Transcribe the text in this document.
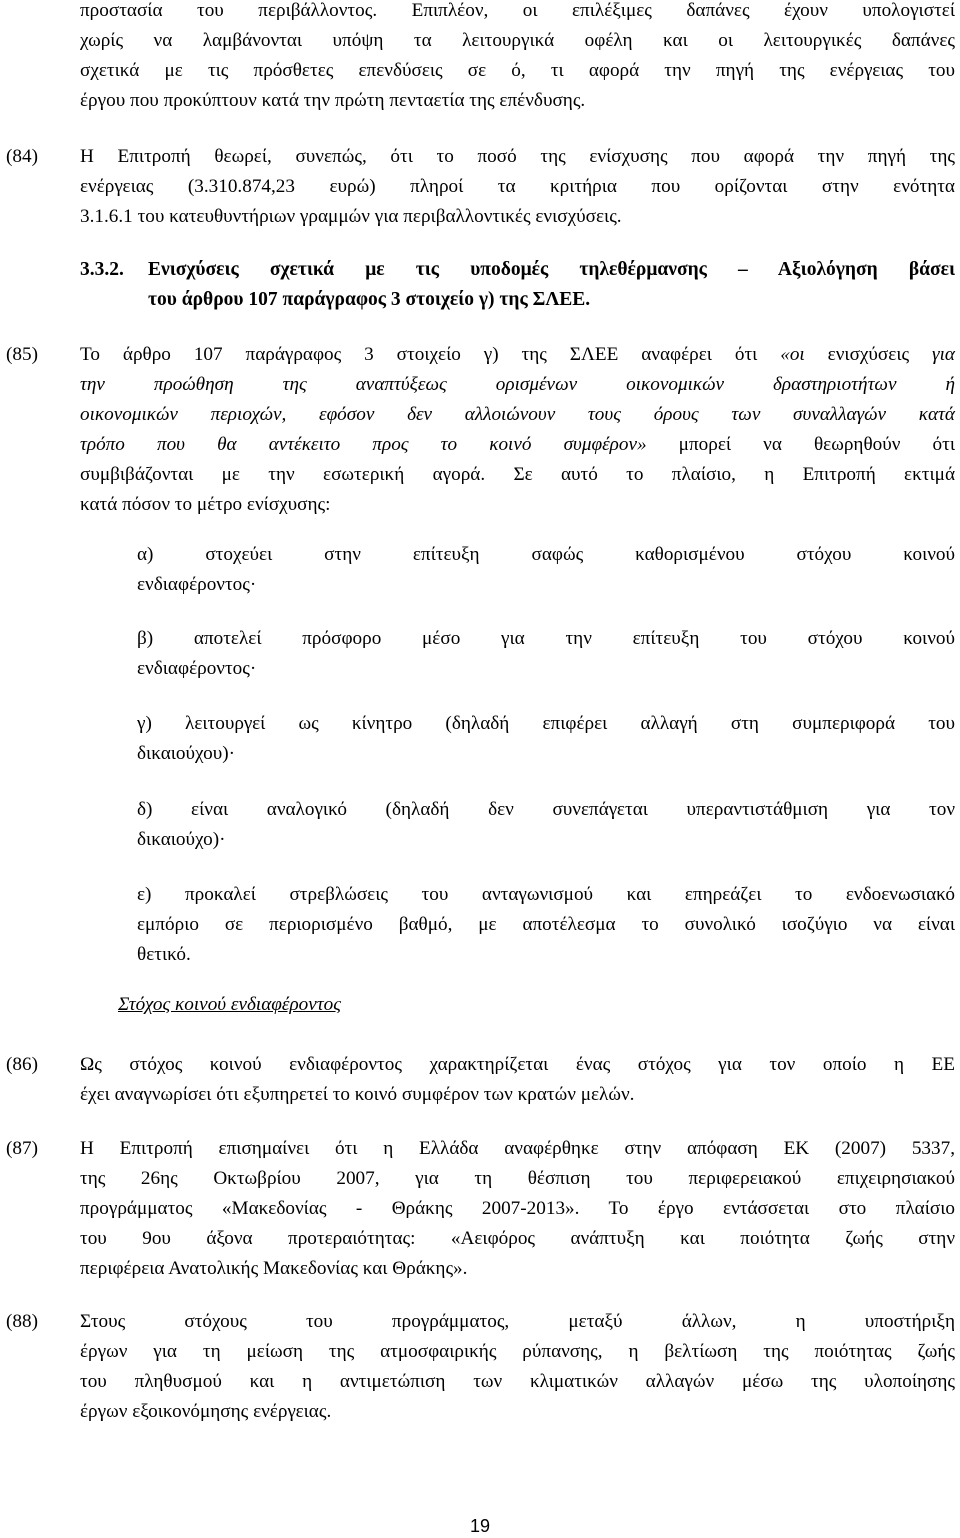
προστασία του περιβάλλοντος. Επιπλέον, οι επιλέξιμες δαπάνες έχουν υπολογιστεί
χωρίς να λαμβάνονται υπόψη τα λειτουργικά οφέλη και οι λειτουργικές δαπάνες
σχετικά με τις πρόσθετες επενδύσεις σε ό, τι αφορά την πηγή της ενέργειας του
έργου που προκύπτουν κατά την πρώτη πενταετία της επένδυσης.
(84) Η Επιτροπή θεωρεί, συνεπώς, ότι το ποσό της ενίσχυσης που αφορά την πηγή της
ενέργειας (3.310.874,23 ευρώ) πληροί τα κριτήρια που ορίζονται στην ενότητα
3.1.6.1 του κατευθυντήριων γραμμών για περιβαλλοντικές ενισχύσεις.
3.3.2. Ενισχύσεις σχετικά με τις υποδομές τηλεθέρμανσης – Αξιολόγηση βάσει
του άρθρου 107 παράγραφος 3 στοιχείο γ) της ΣΛΕΕ.
(85) Το άρθρο 107 παράγραφος 3 στοιχείο γ) της ΣΛΕΕ αναφέρει ότι «οι ενισχύσεις για
την προώθηση της αναπτύξεως ορισμένων οικονομικών δραστηριοτήτων ή
οικονομικών περιοχών, εφόσον δεν αλλοιώνουν τους όρους των συναλλαγών κατά
τρόπο που θα αντέκειτο προς το κοινό συμφέρον» μπορεί να θεωρηθούν ότι
συμβιβάζονται με την εσωτερική αγορά. Σε αυτό το πλαίσιο, η Επιτροπή εκτιμά
κατά πόσον το μέτρο ενίσχυσης:
α) στοχεύει στην επίτευξη σαφώς καθορισμένου στόχου κοινού
ενδιαφέροντος·
β) αποτελεί πρόσφορο μέσο για την επίτευξη του στόχου κοινού
ενδιαφέροντος·
γ) λειτουργεί ως κίνητρο (δηλαδή επιφέρει αλλαγή στη συμπεριφορά του
δικαιούχου)·
δ) είναι αναλογικό (δηλαδή δεν συνεπάγεται υπεραντιστάθμιση για τον
δικαιούχο)·
ε) προκαλεί στρεβλώσεις του ανταγωνισμού και επηρεάζει το ενδοενωσιακό
εμπόριο σε περιορισμένο βαθμό, με αποτέλεσμα το συνολικό ισοζύγιο να είναι
θετικό.
Στόχος κοινού ενδιαφέροντος
(86) Ως στόχος κοινού ενδιαφέροντος χαρακτηρίζεται ένας στόχος για τον οποίο η ΕΕ
έχει αναγνωρίσει ότι εξυπηρετεί το κοινό συμφέρον των κρατών μελών.
(87) Η Επιτροπή επισημαίνει ότι η Ελλάδα αναφέρθηκε στην απόφαση ΕΚ (2007) 5337,
της 26ης Οκτωβρίου 2007, για τη θέσπιση του περιφερειακού επιχειρησιακού
προγράμματος «Μακεδονίας - Θράκης 2007-2013». Το έργο εντάσσεται στο πλαίσιο
του 9ου άξονα προτεραιότητας: «Αειφόρος ανάπτυξη και ποιότητα ζωής στην
περιφέρεια Ανατολικής Μακεδονίας και Θράκης».
(88) Στους στόχους του προγράμματος, μεταξύ άλλων, η υποστήριξη
έργων για τη μείωση της ατμοσφαιρικής ρύπανσης, η βελτίωση της ποιότητας ζωής
του πληθυσμού και η αντιμετώπιση των κλιματικών αλλαγών μέσω της υλοποίησης
έργων εξοικονόμησης ενέργειας.
19
